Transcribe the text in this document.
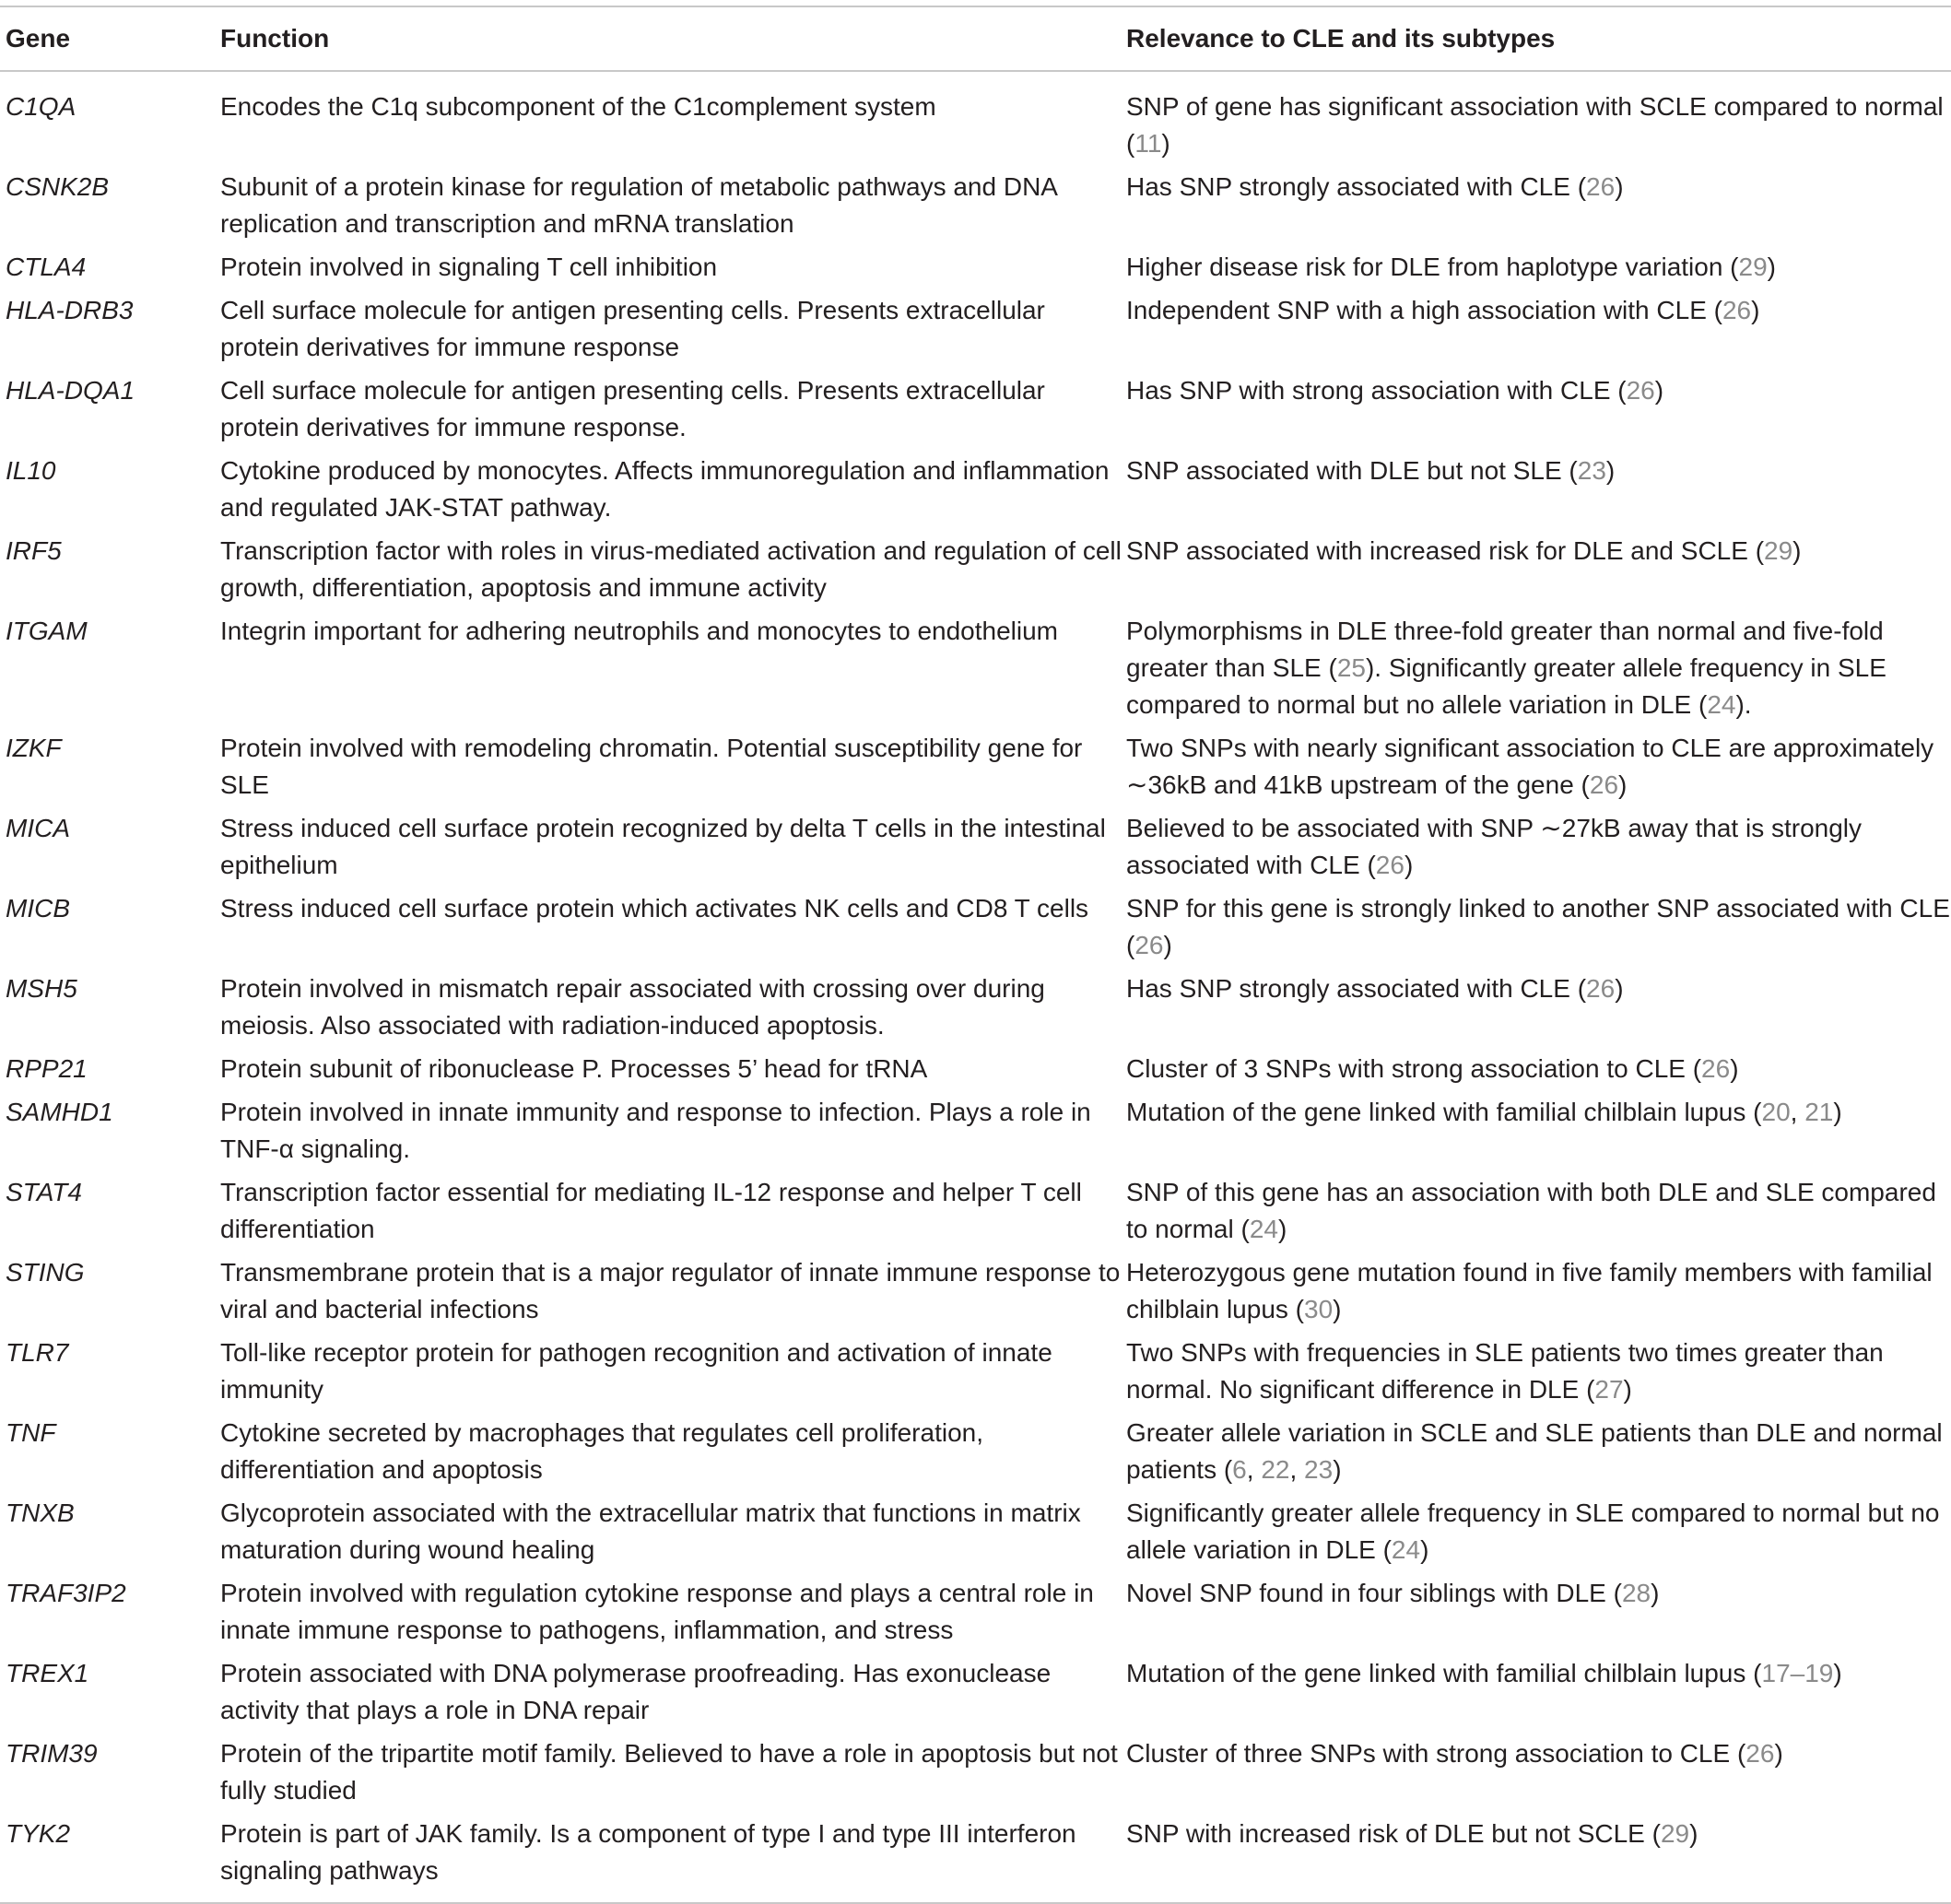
Gene	Function	Relevance to CLE and its subtypes
C1QA	Encodes the C1q subcomponent of the C1complement system	SNP of gene has significant association with SCLE compared to normal (11)
CSNK2B	Subunit of a protein kinase for regulation of metabolic pathways and DNA replication and transcription and mRNA translation	Has SNP strongly associated with CLE (26)
CTLA4	Protein involved in signaling T cell inhibition	Higher disease risk for DLE from haplotype variation (29)
HLA-DRB3	Cell surface molecule for antigen presenting cells. Presents extracellular protein derivatives for immune response	Independent SNP with a high association with CLE (26)
HLA-DQA1	Cell surface molecule for antigen presenting cells. Presents extracellular protein derivatives for immune response.	Has SNP with strong association with CLE (26)
IL10	Cytokine produced by monocytes. Affects immunoregulation and inflammation and regulated JAK-STAT pathway.	SNP associated with DLE but not SLE (23)
IRF5	Transcription factor with roles in virus-mediated activation and regulation of cell growth, differentiation, apoptosis and immune activity	SNP associated with increased risk for DLE and SCLE (29)
ITGAM	Integrin important for adhering neutrophils and monocytes to endothelium	Polymorphisms in DLE three-fold greater than normal and five-fold greater than SLE (25). Significantly greater allele frequency in SLE compared to normal but no allele variation in DLE (24).
IZKF	Protein involved with remodeling chromatin. Potential susceptibility gene for SLE	Two SNPs with nearly significant association to CLE are approximately ∼36kB and 41kB upstream of the gene (26)
MICA	Stress induced cell surface protein recognized by delta T cells in the intestinal epithelium	Believed to be associated with SNP ∼27kB away that is strongly associated with CLE (26)
MICB	Stress induced cell surface protein which activates NK cells and CD8 T cells	SNP for this gene is strongly linked to another SNP associated with CLE (26)
MSH5	Protein involved in mismatch repair associated with crossing over during meiosis. Also associated with radiation-induced apoptosis.	Has SNP strongly associated with CLE (26)
RPP21	Protein subunit of ribonuclease P. Processes 5’ head for tRNA	Cluster of 3 SNPs with strong association to CLE (26)
SAMHD1	Protein involved in innate immunity and response to infection. Plays a role in TNF-α signaling.	Mutation of the gene linked with familial chilblain lupus (20, 21)
STAT4	Transcription factor essential for mediating IL-12 response and helper T cell differentiation	SNP of this gene has an association with both DLE and SLE compared to normal (24)
STING	Transmembrane protein that is a major regulator of innate immune response to viral and bacterial infections	Heterozygous gene mutation found in five family members with familial chilblain lupus (30)
TLR7	Toll-like receptor protein for pathogen recognition and activation of innate immunity	Two SNPs with frequencies in SLE patients two times greater than normal. No significant difference in DLE (27)
TNF	Cytokine secreted by macrophages that regulates cell proliferation, differentiation and apoptosis	Greater allele variation in SCLE and SLE patients than DLE and normal patients (6, 22, 23)
TNXB	Glycoprotein associated with the extracellular matrix that functions in matrix maturation during wound healing	Significantly greater allele frequency in SLE compared to normal but no allele variation in DLE (24)
TRAF3IP2	Protein involved with regulation cytokine response and plays a central role in innate immune response to pathogens, inflammation, and stress	Novel SNP found in four siblings with DLE (28)
TREX1	Protein associated with DNA polymerase proofreading. Has exonuclease activity that plays a role in DNA repair	Mutation of the gene linked with familial chilblain lupus (17–19)
TRIM39	Protein of the tripartite motif family. Believed to have a role in apoptosis but not fully studied	Cluster of three SNPs with strong association to CLE (26)
TYK2	Protein is part of JAK family. Is a component of type I and type III interferon signaling pathways	SNP with increased risk of DLE but not SCLE (29)
